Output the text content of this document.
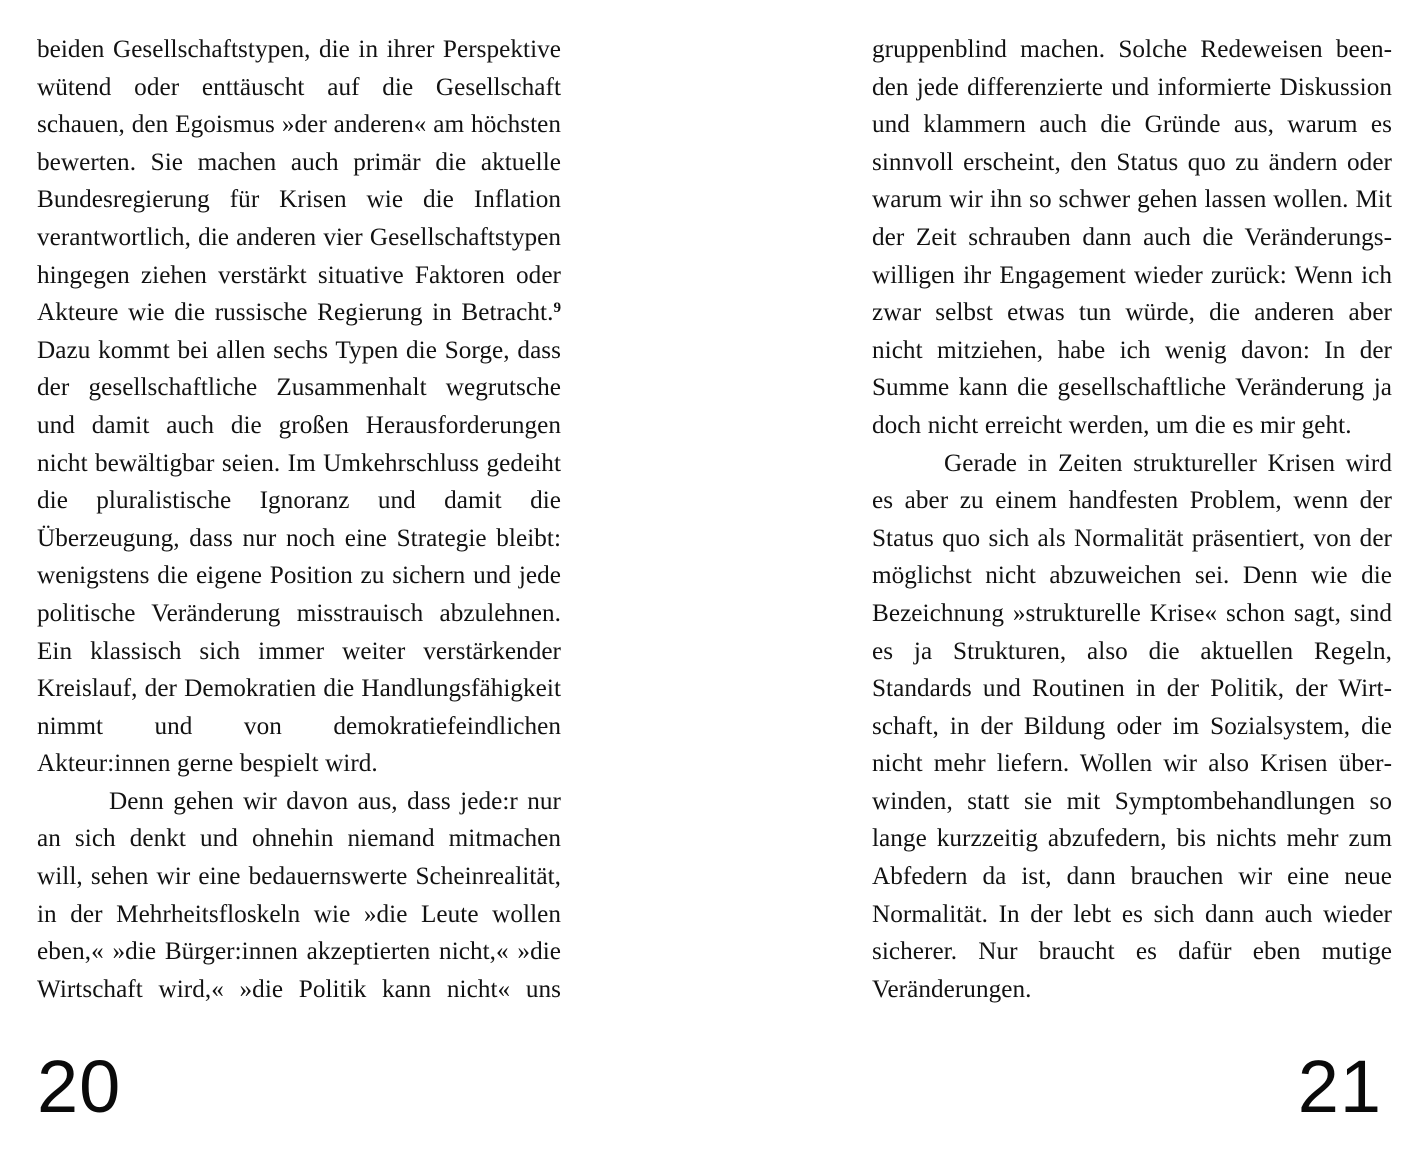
beiden Gesellschaftstypen, die in ihrer Perspektive wütend oder enttäuscht auf die Gesellschaft schauen, den Egoismus »der anderen« am höchsten bewerten. Sie machen auch primär die aktuelle Bundesregierung für Krisen wie die Inflation verantwortlich, die anderen vier Gesellschaftstypen hingegen ziehen verstärkt situative Faktoren oder Akteure wie die russische Regierung in Betracht.$^9$ Dazu kommt bei allen sechs Typen die Sorge, dass der gesellschaftliche Zusammenhalt wegrutsche und damit auch die großen Herausforderungen nicht bewältigbar seien. Im Umkehrschluss gedeiht die pluralistische Ignoranz und damit die Überzeugung, dass nur noch eine Strategie bleibt: wenigstens die eigene Position zu sichern und jede politische Veränderung misstrauisch abzulehnen. Ein klassisch sich immer weiter verstärkender Kreislauf, der Demokratien die Handlungsfähigkeit nimmt und von demokratiefeindlichen Akteur:innen gerne bespielt wird.

Denn gehen wir davon aus, dass jede:r nur an sich denkt und ohnehin niemand mitmachen will, sehen wir eine bedauernswerte Scheinrealität, in der Mehrheitsfloskeln wie »die Leute wollen eben,« »die Bürger:innen akzeptierten nicht,« »die Wirtschaft wird,« »die Politik kann nicht« uns

20

gruppenblind machen. Solche Redeweisen beenden jede differenzierte und informierte Diskussion und klammern auch die Gründe aus, warum es sinnvoll erscheint, den Status quo zu ändern oder warum wir ihn so schwer gehen lassen wollen. Mit der Zeit schrauben dann auch die Veränderungswilligen ihr Engagement wieder zurück: Wenn ich zwar selbst etwas tun würde, die anderen aber nicht mitziehen, habe ich wenig davon: In der Summe kann die gesellschaftliche Veränderung ja doch nicht erreicht werden, um die es mir geht.

Gerade in Zeiten struktureller Krisen wird es aber zu einem handfesten Problem, wenn der Status quo sich als Normalität präsentiert, von der möglichst nicht abzuweichen sei. Denn wie die Bezeichnung »strukturelle Krise« schon sagt, sind es ja Strukturen, also die aktuellen Regeln, Standards und Routinen in der Politik, der Wirtschaft, in der Bildung oder im Sozialsystem, die nicht mehr liefern. Wollen wir also Krisen überwinden, statt sie mit Symptombehandlungen so lange kurzzeitig abzufedern, bis nichts mehr zum Abfedern da ist, dann brauchen wir eine neue Normalität. In der lebt es sich dann auch wieder sicherer. Nur braucht es dafür eben mutige Veränderungen.

21
